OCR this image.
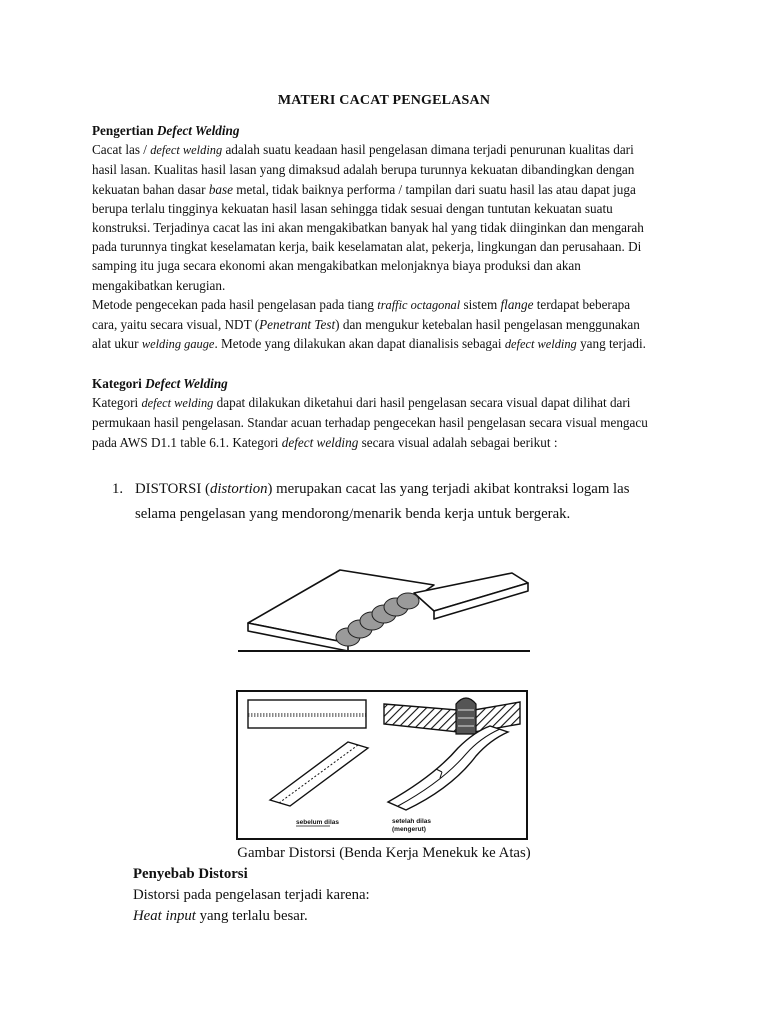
MATERI CACAT PENGELASAN
Pengertian Defect Welding
Cacat las / defect welding adalah suatu keadaan hasil pengelasan dimana terjadi penurunan kualitas dari
hasil lasan. Kualitas hasil lasan yang dimaksud adalah berupa turunnya kekuatan dibandingkan dengan
kekuatan bahan dasar base metal, tidak baiknya performa / tampilan dari suatu hasil las atau dapat juga
berupa terlalu tingginya kekuatan hasil lasan sehingga tidak sesuai dengan tuntutan kekuatan suatu
konstruksi. Terjadinya cacat las ini akan mengakibatkan banyak hal yang tidak diinginkan dan mengarah
pada turunnya tingkat keselamatan kerja, baik keselamatan alat, pekerja, lingkungan dan perusahaan. Di
samping itu juga secara ekonomi akan mengakibatkan melonjaknya biaya produksi dan akan
mengakibatkan kerugian.
Metode pengecekan pada hasil pengelasan pada tiang traffic octagonal sistem flange terdapat beberapa
cara, yaitu secara visual, NDT (Penetrant Test) dan mengukur ketebalan hasil pengelasan menggunakan
alat ukur welding gauge. Metode yang dilakukan akan dapat dianalisis sebagai defect welding yang terjadi.
Kategori Defect Welding
Kategori defect welding dapat dilakukan diketahui dari hasil pengelasan secara visual dapat dilihat dari
permukaan hasil pengelasan. Standar acuan terhadap pengecekan hasil pengelasan secara visual mengacu
pada AWS D1.1 table 6.1. Kategori defect welding secara visual adalah sebagai berikut :
1. DISTORSI (distortion) merupakan cacat las yang terjadi akibat kontraksi logam las
selama pengelasan yang mendorong/menarik benda kerja untuk bergerak.
sebelum dilas	setelah dilas
(mengerut)
Gambar Distorsi (Benda Kerja Menekuk ke Atas)
Penyebab Distorsi
Distorsi pada pengelasan terjadi karena:
Heat input yang terlalu besar.
